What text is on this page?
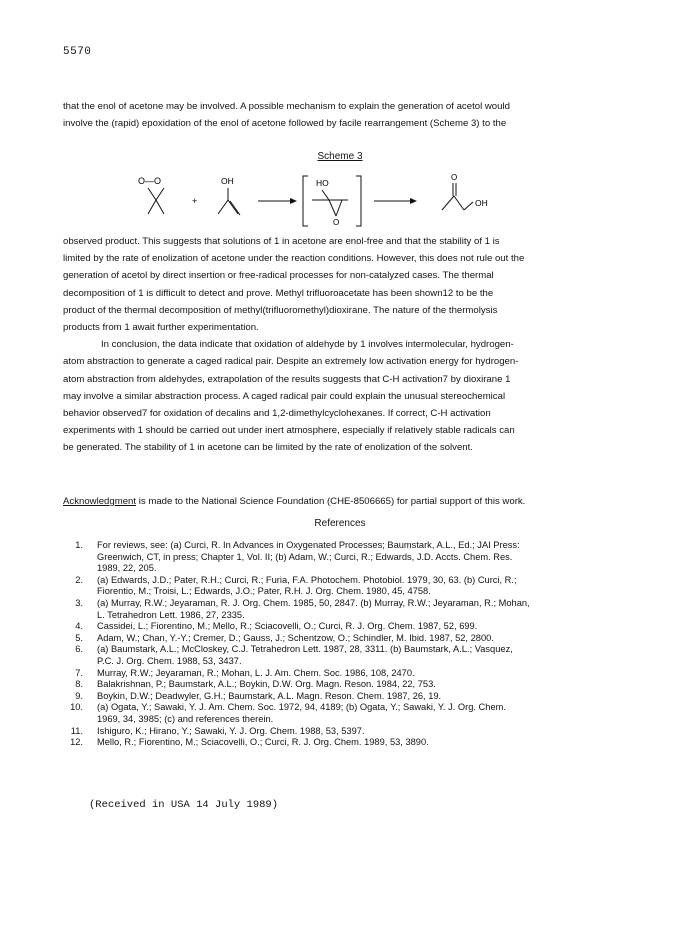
5570
that the enol of acetone may be involved. A possible mechanism to explain the generation of acetol would
involve the (rapid) epoxidation of the enol of acetone followed by facile rearrangement (Scheme 3) to the
Scheme 3
O—O
+
OH	HO
O
O
OH
observed product. This suggests that solutions of 1 in acetone are enol-free and that the stability of 1 is
limited by the rate of enolization of acetone under the reaction conditions. However, this does not rule out the
generation of acetol by direct insertion or free-radical processes for non-catalyzed cases. The thermal
decomposition of 1 is difficult to detect and prove. Methyl trifluoroacetate has been shown12 to be the
product of the thermal decomposition of methyl(trifluoromethyl)dioxirane. The nature of the thermolysis
products from 1 await further experimentation.
In conclusion, the data indicate that oxidation of aldehyde by 1 involves intermolecular, hydrogen-
atom abstraction to generate a caged radical pair. Despite an extremely low activation energy for hydrogen-
atom abstraction from aldehydes, extrapolation of the results suggests that C-H activation7 by dioxirane 1
may involve a similar abstraction process. A caged radical pair could explain the unusual stereochemical
behavior observed7 for oxidation of decalins and 1,2-dimethylcyclohexanes. If correct, C-H activation
experiments with 1 should be carried out under inert atmosphere, especially if relatively stable radicals can
be generated. The stability of 1 in acetone can be limited by the rate of enolization of the solvent.
Acknowledgment is made to the National Science Foundation (CHE-8506665) for partial support of this work.
References
1. For reviews, see: (a) Curci, R. In Advances in Oxygenated Processes; Baumstark, A.L., Ed.; JAI Press:
Greenwich, CT, in press; Chapter 1, Vol. II; (b) Adam, W.; Curci, R.; Edwards, J.D. Accts. Chem. Res.
1989, 22, 205.
2. (a) Edwards, J.D.; Pater, R.H.; Curci, R.; Furia, F.A. Photochem. Photobiol. 1979, 30, 63. (b) Curci, R.;
Fiorentio, M.; Troisi, L.; Edwards, J.O.; Pater, R.H. J. Org. Chem. 1980, 45, 4758.
3. (a) Murray, R.W.; Jeyaraman, R. J. Org. Chem. 1985, 50, 2847. (b) Murray, R.W.; Jeyaraman, R.; Mohan,
L. Tetrahedron Lett. 1986, 27, 2335.
4. Cassidei, L.; Fiorentino, M.; Mello, R.; Sciacovelli, O.; Curci, R. J. Org. Chem. 1987, 52, 699.
5. Adam, W.; Chan, Y.-Y.; Cremer, D.; Gauss, J.; Schentzow, O.; Schindler, M. Ibid. 1987, 52, 2800.
6. (a) Baumstark, A.L.; McCloskey, C.J. Tetrahedron Lett. 1987, 28, 3311. (b) Baumstark, A.L.; Vasquez,
P.C. J. Org. Chem. 1988, 53, 3437.
7. Murray, R.W.; Jeyaraman, R.; Mohan, L. J. Am. Chem. Soc. 1986, 108, 2470.
8. Balakrishnan, P.; Baumstark, A.L.; Boykin, D.W. Org. Magn. Reson. 1984, 22, 753.
9. Boykin, D.W.; Deadwyler, G.H.; Baumstark, A.L. Magn. Reson. Chem. 1987, 26, 19.
10. (a) Ogata, Y.; Sawaki, Y. J. Am. Chem. Soc. 1972, 94, 4189; (b) Ogata, Y.; Sawaki, Y. J. Org. Chem.
1969, 34, 3985; (c) and references therein.
11. Ishiguro, K.; Hirano, Y.; Sawaki, Y. J. Org. Chem. 1988, 53, 5397.
12. Mello, R.; Fiorentino, M.; Sciacovelli, O.; Curci, R. J. Org. Chem. 1989, 53, 3890.
(Received in USA 14 July 1989)
